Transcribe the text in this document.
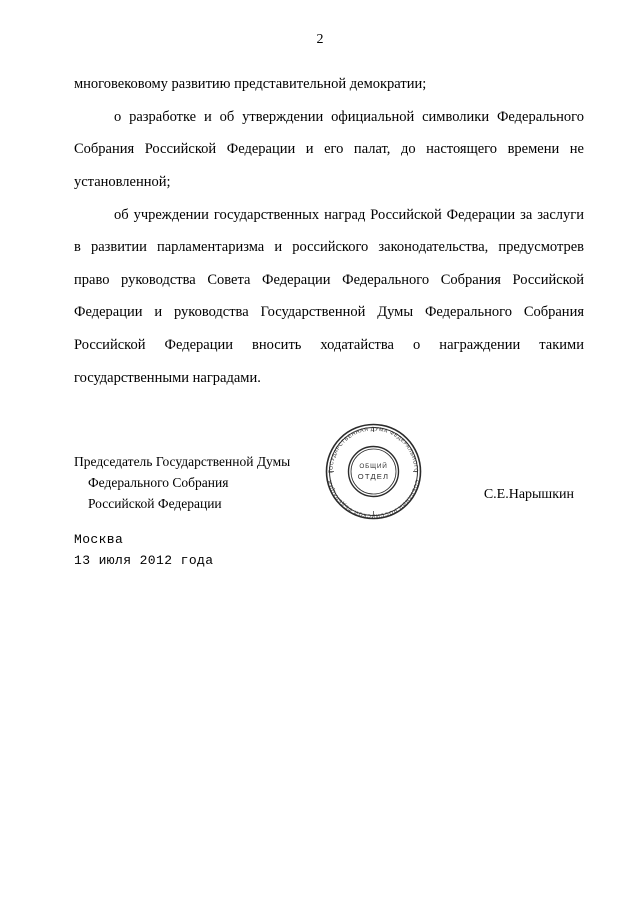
2

многовековому развитию представительной демократии;

о разработке и об утверждении официальной символики Федерального Собрания Российской Федерации и его палат, до настоящего времени не установленной;

об учреждении государственных наград Российской Федерации за заслуги в развитии парламентаризма и российского законодательства, предусмотрев право руководства Совета Федерации Федерального Собрания Российской Федерации и руководства Государственной Думы Федерального Собрания Российской Федерации вносить ходатайства о награждении такими государственными наградами.

Председатель Государственной Думы
Федерального Собрания
Российской Федерации
С.Е.Нарышкин
ГОСУДАРСТВЕННАЯ ДУМА ФЕДЕРАЛЬНОГО
СОБРАНИЯ РОССИЙСКОЙ ФЕДЕРАЦИИ
ОБЩИЙ
ОТДЕЛ
Москва
13 июля 2012 года
